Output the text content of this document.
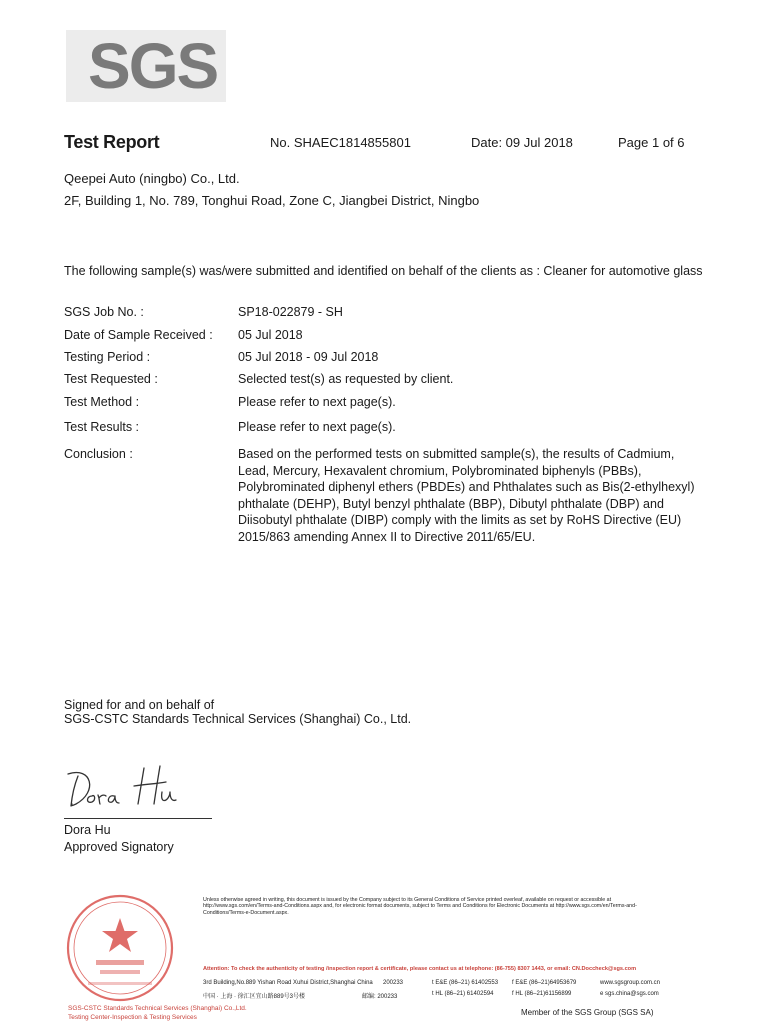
SGS
Test Report	No. SHAEC1814855801	Date: 09 Jul 2018	Page 1 of 6
Qeepei Auto (ningbo) Co., Ltd.
2F, Building 1, No. 789, Tonghui Road, Zone C, Jiangbei District, Ningbo
The following sample(s) was/were submitted and identified on behalf of the clients as : Cleaner for automotive glass
SGS Job No. :	SP18-022879 - SH
Date of Sample Received : 05 Jul 2018
Testing Period :	05 Jul 2018 - 09 Jul 2018
Test Requested :	Selected test(s) as requested by client.
Test Method :	Please refer to next page(s).
Test Results :	Please refer to next page(s).
Conclusion :	Based on the performed tests on submitted sample(s), the results of Cadmium, Lead, Mercury, Hexavalent chromium, Polybrominated biphenyls (PBBs), Polybrominated diphenyl ethers (PBDEs) and Phthalates such as Bis(2-ethylhexyl) phthalate (DEHP), Butyl benzyl phthalate (BBP), Dibutyl phthalate (DBP) and Diisobutyl phthalate (DIBP) comply with the limits as set by RoHS Directive (EU) 2015/863 amending Annex II to Directive 2011/65/EU.
Signed for and on behalf of
SGS-CSTC Standards Technical Services (Shanghai) Co., Ltd.
Dora Hu
Approved Signatory
SGS-CSTC Standards Technical Services (Shanghai) Co.,Ltd.
Testing Center-Inspection & Testing Services
Unless otherwise agreed in writing, this document is issued by the Company subject to its General Conditions of Service printed overleaf, available on request or accessible at http://www.sgs.com/en/Terms-and-Conditions.aspx and, for electronic format documents, subject to Terms and Conditions for Electronic Documents at http://www.sgs.com/en/Terms-and-Conditions/Terms-e-Document.aspx.
Attention: To check the authenticity of testing /inspection report & certificate, please contact us at telephone: (86-755) 8307 1443, or email: CN.Doccheck@sgs.com
3rd Building,No.889 Yishan Road Xuhui District,Shanghai China 200233	t E&E (86–21) 61402553 f E&E (86–21)64953679	www.sgsgroup.com.cn
中国 · 上海 · 徐汇区宜山路889号3号楼	邮编: 200233	t HL (86–21) 61402594	f HL (86–21)61156899	e sgs.china@sgs.com
Member of the SGS Group (SGS SA)
